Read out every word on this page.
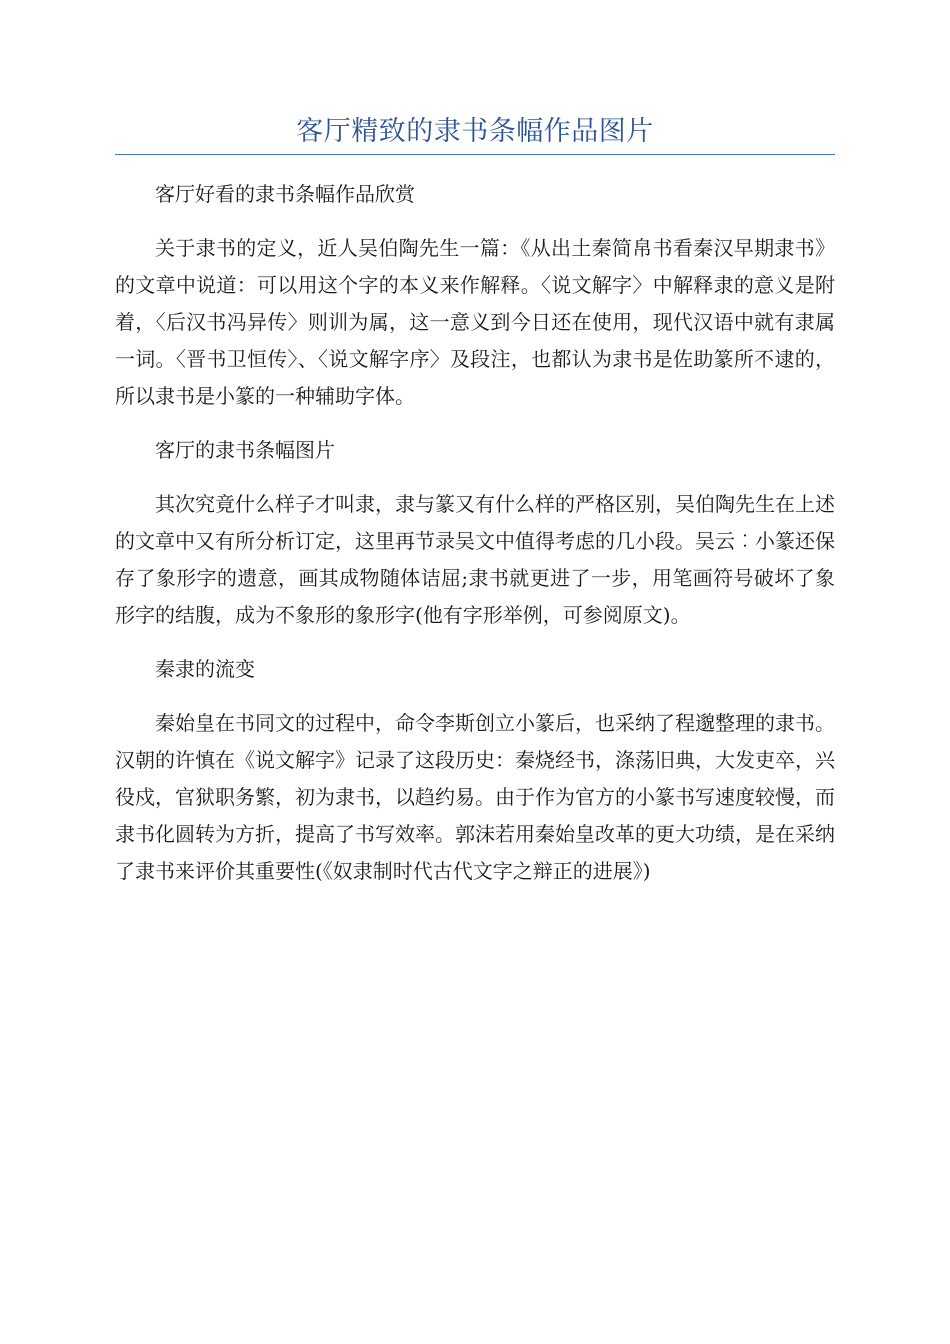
客厅精致的隶书条幅作品图片

客厅好看的隶书条幅作品欣赏

关于隶书的定义，近人吴伯陶先生一篇：《从出土秦简帛书看秦汉早期隶书》的文章中说道：可以用这个字的本义来作解释。〈说文解字〉中解释隶的意义是附着，〈后汉书冯异传〉则训为属，这一意义到今日还在使用，现代汉语中就有隶属一词。〈晋书卫恒传〉、〈说文解字序〉及段注，也都认为隶书是佐助篆所不逮的，所以隶书是小篆的一种辅助字体。

客厅的隶书条幅图片

其次究竟什么样子才叫隶，隶与篆又有什么样的严格区别，吴伯陶先生在上述的文章中又有所分析订定，这里再节录吴文中值得考虑的几小段。吴云︰小篆还保存了象形字的遗意，画其成物随体诘屈;隶书就更进了一步，用笔画符号破坏了象形字的结腹，成为不象形的象形字(他有字形举例，可参阅原文)。

秦隶的流变

秦始皇在书同文的过程中，命令李斯创立小篆后，也采纳了程邈整理的隶书。汉朝的许慎在《说文解字》记录了这段历史：秦烧经书，涤荡旧典，大发吏卒，兴役戍，官狱职务繁，初为隶书，以趋约易。由于作为官方的小篆书写速度较慢，而隶书化圆转为方折，提高了书写效率。郭沫若用秦始皇改革的更大功绩，是在采纳了隶书来评价其重要性(《奴隶制时代古代文字之辩正的进展》)
